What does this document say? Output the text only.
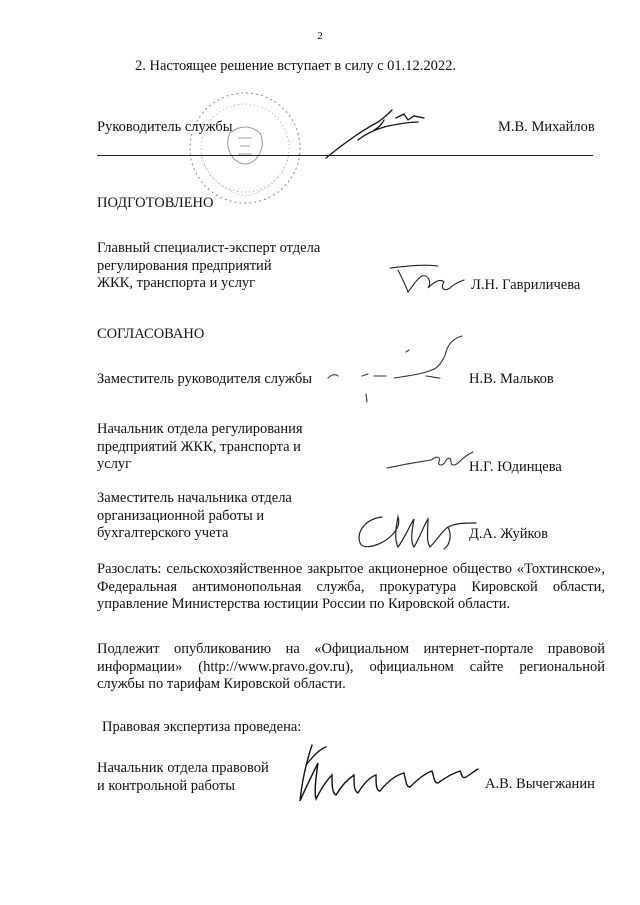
2
2. Настоящее решение вступает в силу с 01.12.2022.
Руководитель службы	М.В. Михайлов
ПОДГОТОВЛЕНО
Главный специалист-эксперт отдела
регулирования предприятий
ЖКК, транспорта и услуг	Л.Н. Гавриличева
СОГЛАСОВАНО
Заместитель руководителя службы	Н.В. Мальков
Начальник отдела регулирования
предприятий ЖКК, транспорта и
услуг	Н.Г. Юдинцева
Заместитель начальника отдела
организационной работы и
бухгалтерского учета	Д.А. Жуйков
Разослать: сельскохозяйственное закрытое акционерное общество «Тохтинское», Федеральная антимонопольная служба, прокуратура Кировской области, управление Министерства юстиции России по Кировской области.
Подлежит опубликованию на «Официальном интернет-портале правовой информации» (http://www.pravo.gov.ru), официальном сайте региональной службы по тарифам Кировской области.
Правовая экспертиза проведена:
Начальник отдела правовой
и контрольной работы	А.В. Вычегжанин
